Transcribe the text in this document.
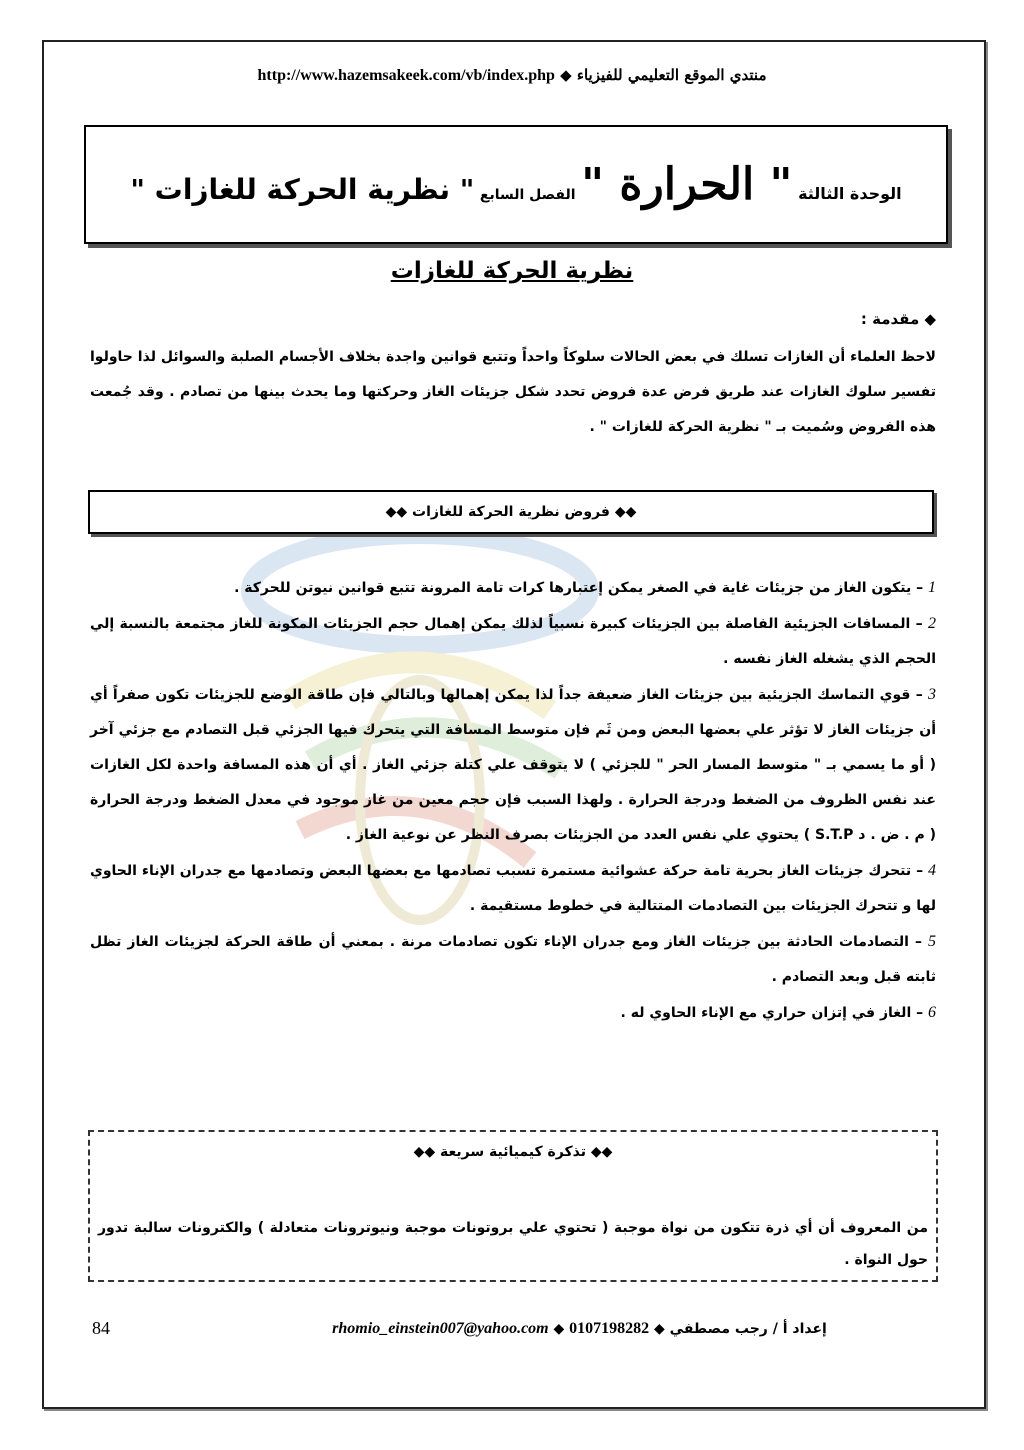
http://www.hazemsakeek.com/vb/index.php ◆ منتدي الموقع التعليمي للفيزياء
الوحدة الثالثة " الحرارة " الفصل السابع " نظرية الحركة للغازات "
نظرية الحركة للغازات
◆ مقدمة :
لاحظ العلماء أن الغازات تسلك في بعض الحالات سلوكاً واحداً وتتبع قوانين واجدة بخلاف الأجسام الصلبة والسوائل لذا حاولوا تفسير سلوك الغازات عند طريق فرض عدة فروض تحدد شكل جزيئات الغاز وحركتها وما يحدث بينها من تصادم . وقد جُمعت هذه الفروض وسُميت بـ " نظرية الحركة للغازات " .
◆◆ فروض نظرية الحركة للغازات ◆◆
1 – يتكون الغاز من جزيئات غاية في الصغر يمكن إعتبارها كرات تامة المرونة تتبع قوانين نيوتن للحركة .
2 – المسافات الجزيئية الفاصلة بين الجزيئات كبيرة نسبياً لذلك يمكن إهمال حجم الجزيئات المكونة للغاز مجتمعة بالنسبة إلي الحجم الذي يشغله الغاز نفسه .
3 – قوي التماسك الجزيئية بين جزيئات الغاز ضعيفة جداً لذا يمكن إهمالها وبالتالي فإن طاقة الوضع للجزيئات تكون صفراً أي أن جزيئات الغاز لا تؤثر علي بعضها البعض ومن ثَم فإن متوسط المسافة التي يتحرك فيها الجزئي قبل التصادم مع جزئي آخر ( أو ما يسمي بـ " متوسط المسار الحر " للجزئي ) لا يتوقف علي كتلة جزئي الغاز . أي أن هذه المسافة واحدة لكل الغازات عند نفس الظروف من الضغط ودرجة الحرارة . ولهذا السبب فإن حجم معين من غاز موجود في معدل الضغط ودرجة الحرارة ( م . ض . د S.T.P ) يحتوي علي نفس العدد من الجزيئات بصرف النظر عن نوعية الغاز .
4 – تتحرك جزيئات الغاز بحرية تامة حركة عشوائية مستمرة تسبب تصادمها مع بعضها البعض وتصادمها مع جدران الإناء الحاوي لها و تتحرك الجزيئات بين التصادمات المتتالية في خطوط مستقيمة .
5 – التصادمات الحادثة بين جزيئات الغاز ومع جدران الإناء تكون تصادمات مرنة . بمعني أن طاقة الحركة لجزيئات الغاز تظل ثابته قبل وبعد التصادم .
6 – الغاز في إتزان حراري مع الإناء الحاوي له .
◆◆ تذكرة كيميائية سريعة ◆◆
من المعروف أن أي ذرة تتكون من نواة موجبة ( تحتوي علي بروتونات موجبة ونيوترونات متعادلة ) والكترونات سالبة تدور حول النواة .
84	rhomio_einstein007@yahoo.com ◆ 0107198282 ◆ إعداد أ / رجب مصطفي
